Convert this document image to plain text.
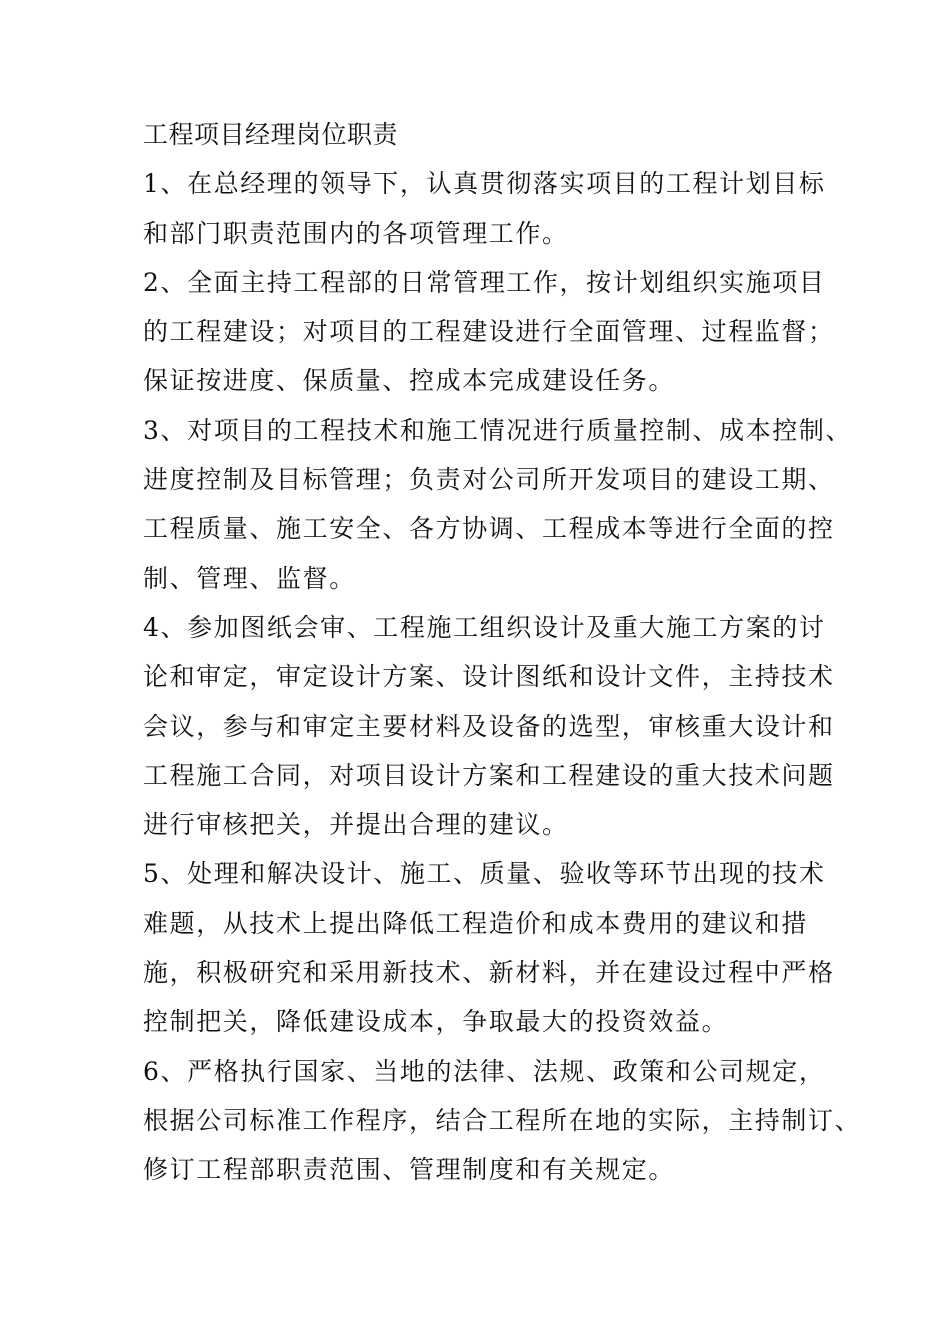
工程项目经理岗位职责

1、在总经理的领导下，认真贯彻落实项目的工程计划目标

和部门职责范围内的各项管理工作。

2、全面主持工程部的日常管理工作，按计划组织实施项目

的工程建设；对项目的工程建设进行全面管理、过程监督；

保证按进度、保质量、控成本完成建设任务。

3、对项目的工程技术和施工情况进行质量控制、成本控制、

进度控制及目标管理；负责对公司所开发项目的建设工期、

工程质量、施工安全、各方协调、工程成本等进行全面的控

制、管理、监督。

4、参加图纸会审、工程施工组织设计及重大施工方案的讨

论和审定，审定设计方案、设计图纸和设计文件，主持技术

会议，参与和审定主要材料及设备的选型，审核重大设计和

工程施工合同，对项目设计方案和工程建设的重大技术问题

进行审核把关，并提出合理的建议。

5、处理和解决设计、施工、质量、验收等环节出现的技术

难题，从技术上提出降低工程造价和成本费用的建议和措

施，积极研究和采用新技术、新材料，并在建设过程中严格

控制把关，降低建设成本，争取最大的投资效益。

6、严格执行国家、当地的法律、法规、政策和公司规定，

根据公司标准工作程序，结合工程所在地的实际，主持制订、

修订工程部职责范围、管理制度和有关规定。
